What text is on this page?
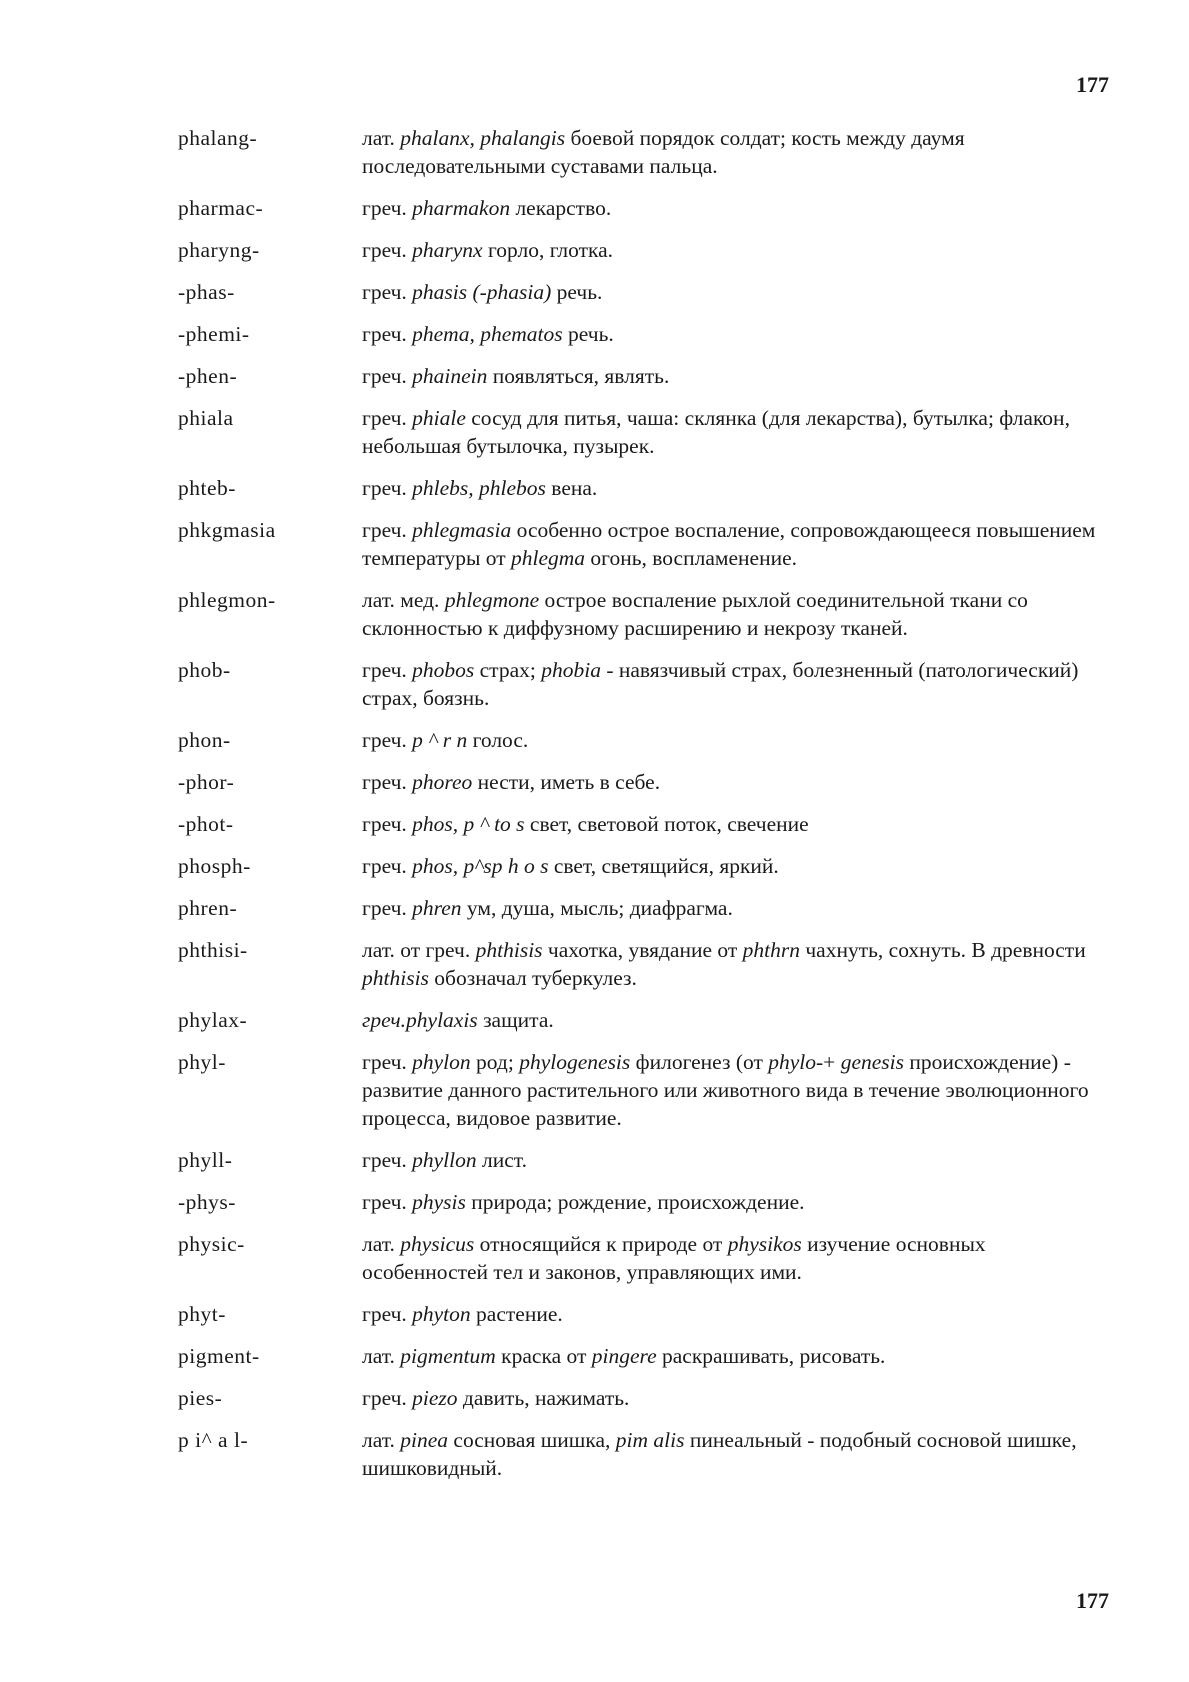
177
phalang-	лат. phalanx, phalangis боевой порядок солдат; кость между даумя последовательными суставами пальца.
pharmac-	греч. pharmakon лекарство.
pharyng-	греч. pharynx горло, глотка.
-phas-	греч. phasis (-phasia) речь.
-phemi-	греч. phema, phematos речь.
-phen-	греч. phainein появляться, являть.
phiala	греч. phiale сосуд для питья, чаша: склянка (для лекарства), бутылка; флакон, небольшая бутылочка, пузырек.
phteb-	греч. phlebs, phlebos вена.
phkgmasia	греч. phlegmasia особенно острое воспаление, сопровождающееся повышением температуры от phlegma огонь, воспламенение.
phlegmon-	лат. мед. phlegmone острое воспаление рыхлой соединительной ткани со склонностью к диффузному расширению и некрозу тканей.
phob-	греч. phobos страх; phobia - навязчивый страх, болезненный (патологический) страх, боязнь.
phon-	греч. p ^ r n голос.
-phor-	греч. phoreo нести, иметь в себе.
-phot-	греч. phos, p ^ to s свет, световой поток, свечение
phosph-	греч. phos, p^sp h o s свет, светящийся, яркий.
phren-	греч. phren ум, душа, мысль; диафрагма.
phthisi-	лат. от греч. phthisis чахотка, увядание от phthrn чахнуть, сохнуть. В древности phthisis обозначал туберкулез.
phylax-	греч.phylaxis защита.
phyl-	греч. phylon род; phylogenesis филогенез (от phylo-+ genesis происхождение) - развитие данного растительного или животного вида в течение эволюционного процесса, видовое развитие.
phyll-	греч. phyllon лист.
-phys-	греч. physis природа; рождение, происхождение.
physic-	лат. physicus относящийся к природе от physikos изучение основных особенностей тел и законов, управляющих ими.
phyt-	греч. phyton растение.
pigment-	лат. pigmentum краска от pingere раскрашивать, рисовать.
pies-	греч. piezo давить, нажимать.
p i^ a l-	лат. pinea сосновая шишка, pim alis пинеальный - подобный сосновой шишке, шишковидный.
177
